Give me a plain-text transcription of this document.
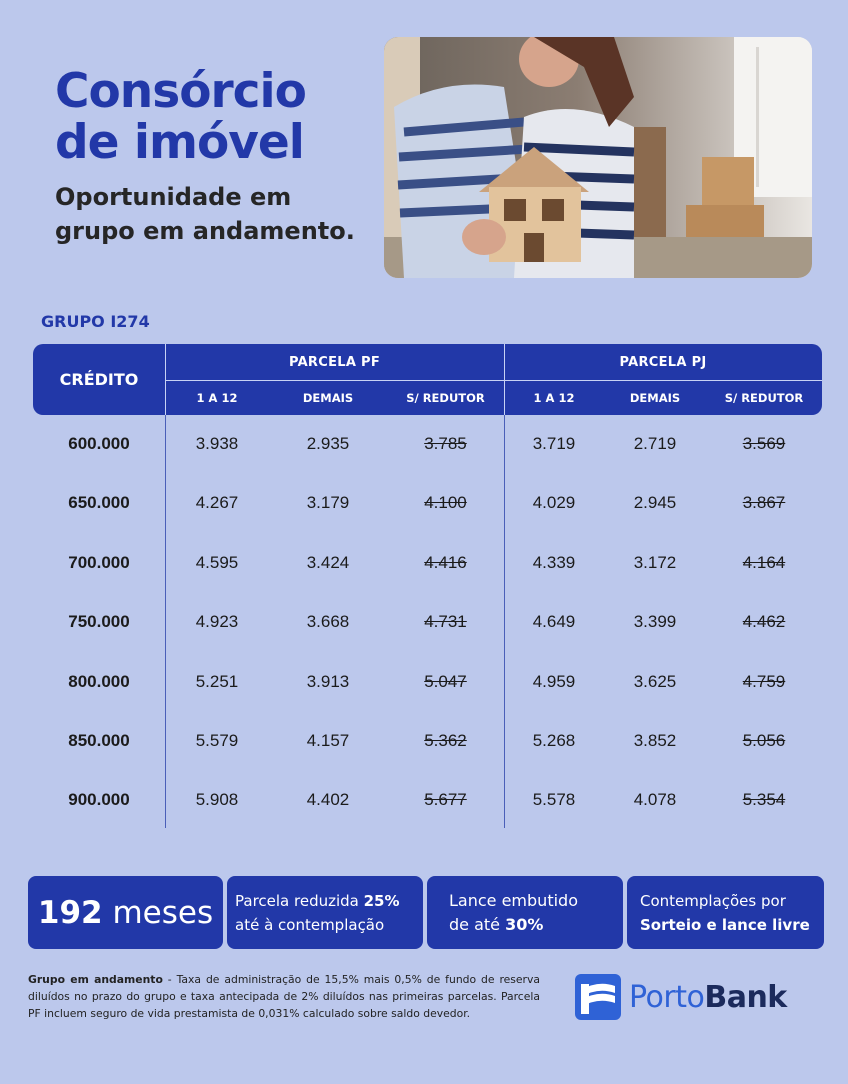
Consórcio
de imóvel
Oportunidade em
grupo em andamento.
GRUPO I274
CRÉDITO
PARCELA PF	PARCELA PJ
1 A 12	DEMAIS	S/ REDUTOR	1 A 12	DEMAIS	S/ REDUTOR
600.000	3.938	2.935	3.785	3.719	2.719	3.569
650.000	4.267	3.179	4.100	4.029	2.945	3.867
700.000	4.595	3.424	4.416	4.339	3.172	4.164
750.000	4.923	3.668	4.731	4.649	3.399	4.462
800.000	5.251	3.913	5.047	4.959	3.625	4.759
850.000	5.579	4.157	5.362	5.268	3.852	5.056
900.000	5.908	4.402	5.677	5.578	4.078	5.354
192 meses Parcela reduzida 25%
até à contemplação
Lance embutido
de até 30%
Contemplações por
Sorteio e lance livre
Grupo em andamento - Taxa de administração de 15,5% mais 0,5% de fundo de reserva diluídos no prazo do grupo e taxa antecipada de 2% diluídos nas primeiras parcelas. Parcela PF incluem seguro de vida prestamista de 0,031% calculado sobre saldo devedor.	PortoBank
